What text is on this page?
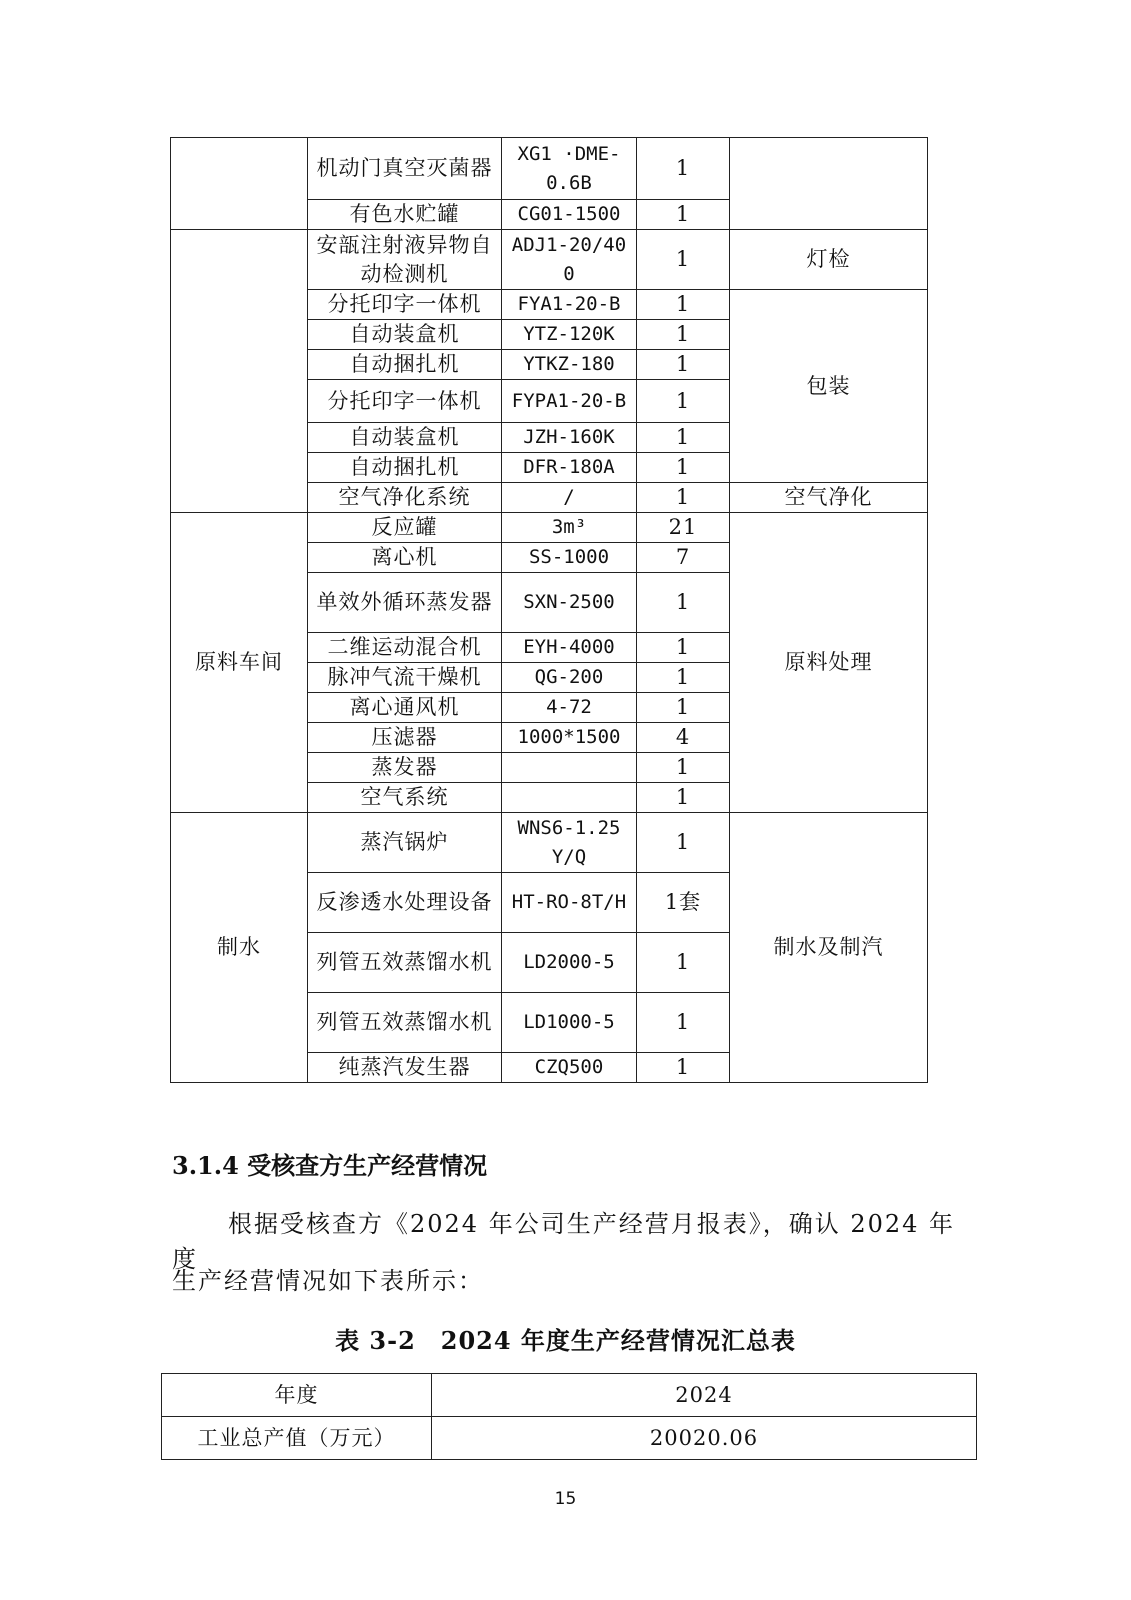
	机动门真空灭菌器	XG1 ·DME-0.6B	1	
	有色水贮罐	CG01-1500	1	
	安瓿注射液异物自动检测机	ADJ1-20/400	1	灯检
	分托印字一体机	FYA1-20-B	1	包装
	自动装盒机	YTZ-120K	1	
	自动捆扎机	YTKZ-180	1	
	分托印字一体机	FYPA1-20-B	1	
	自动装盒机	JZH-160K	1	
	自动捆扎机	DFR-180A	1	
	空气净化系统	/	1	空气净化
原料车间	反应罐	3m³	21	原料处理
	离心机	SS-1000	7	
	单效外循环蒸发器	SXN-2500	1	
	二维运动混合机	EYH-4000	1	
	脉冲气流干燥机	QG-200	1	
	离心通风机	4-72	1	
	压滤器	1000*1500	4	
	蒸发器		1	
	空气系统		1	
制水	蒸汽锅炉	WNS6-1.25Y/Q	1	制水及制汽
	反渗透水处理设备	HT-RO-8T/H	1套	
	列管五效蒸馏水机	LD2000-5	1	
	列管五效蒸馏水机	LD1000-5	1	
	纯蒸汽发生器	CZQ500	1	
3.1.4 受核查方生产经营情况
根据受核查方《2024 年公司生产经营月报表》，确认 2024 年度
生产经营情况如下表所示：
表 3-2　2024 年度生产经营情况汇总表
年度	2024
工业总产值（万元）	20020.06
15
